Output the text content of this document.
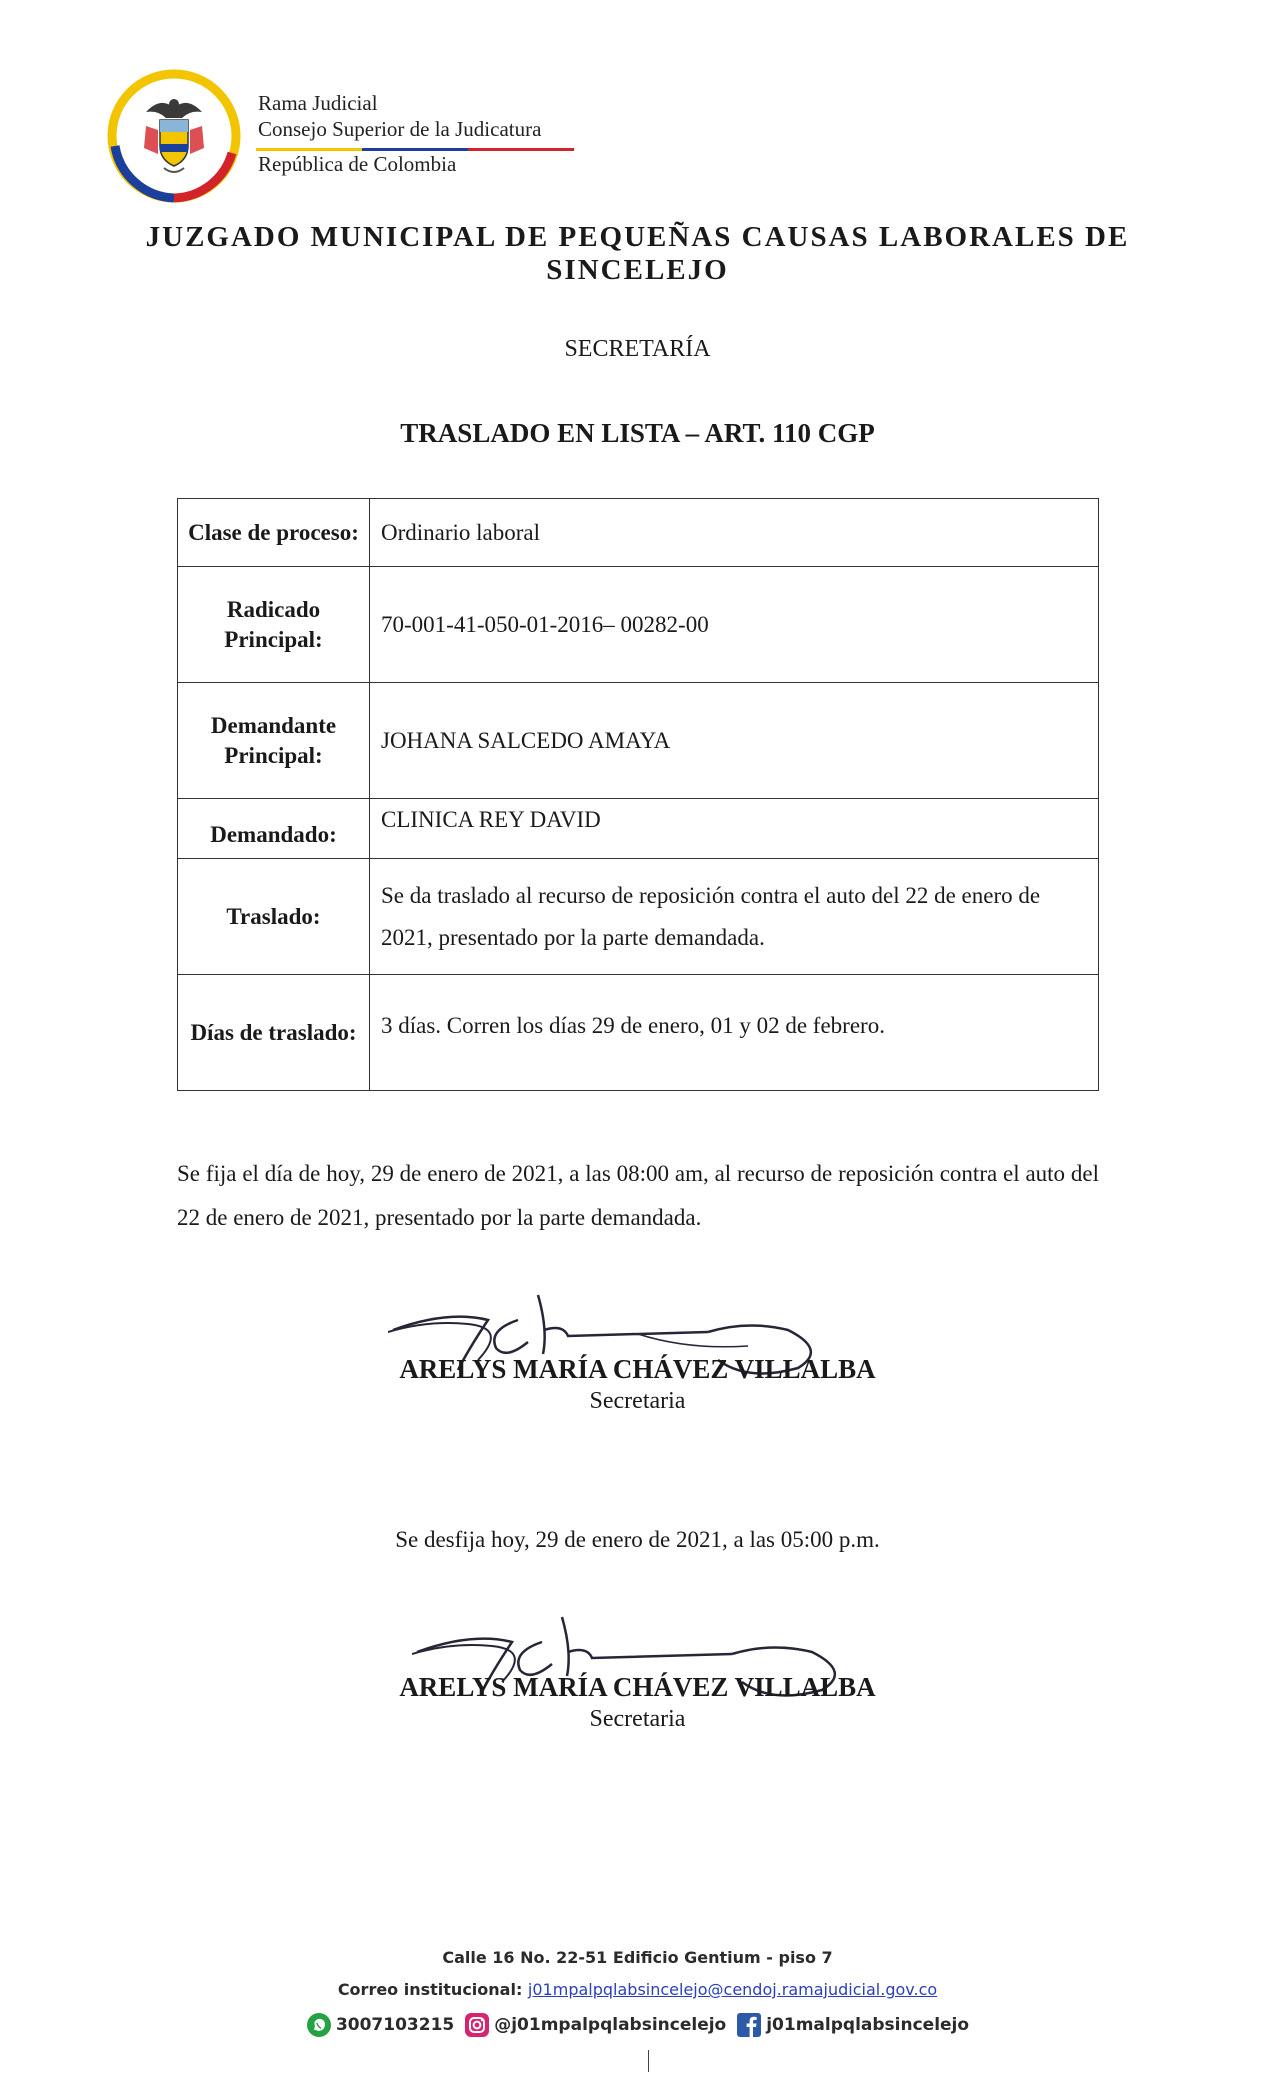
Rama Judicial
Consejo Superior de la Judicatura
República de Colombia
JUZGADO MUNICIPAL DE PEQUEÑAS CAUSAS LABORALES DE SINCELEJO
SECRETARÍA
TRASLADO EN LISTA – ART. 110 CGP
Clase de proceso:	Ordinario laboral
Radicado Principal:	70-001-41-050-01-2016– 00282-00
Demandante Principal:	JOHANA SALCEDO AMAYA
Demandado:	CLINICA REY DAVID
Traslado:	Se da traslado al recurso de reposición contra el auto del 22 de enero de 2021, presentado por la parte demandada.
Días de traslado:	3 días. Corren los días 29 de enero, 01 y 02 de febrero.
Se fija el día de hoy, 29 de enero de 2021, a las 08:00 am, al recurso de reposición contra el auto del 22 de enero de 2021, presentado por la parte demandada.
ARELYS MARÍA CHÁVEZ VILLALBA
Secretaria
Se desfija hoy, 29 de enero de 2021, a las 05:00 p.m.
ARELYS MARÍA CHÁVEZ VILLALBA
Secretaria
Calle 16 No. 22-51 Edificio Gentium - piso 7
Correo institucional: j01mpalpqlabsincelejo@cendoj.ramajudicial.gov.co
3007103215 @j01mpalpqlabsincelejo j01malpqlabsincelejo
